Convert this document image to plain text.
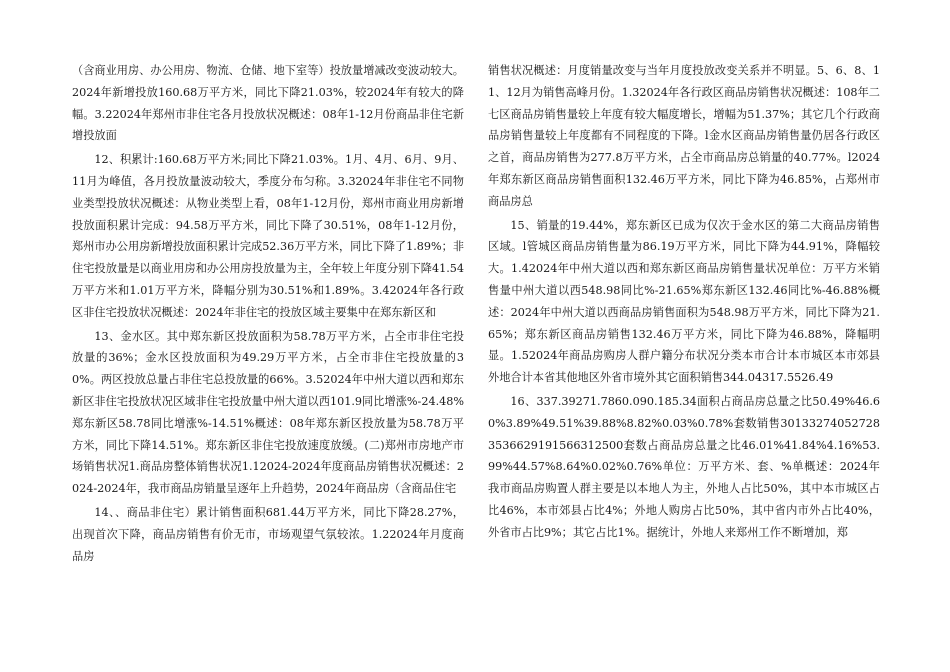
（含商业用房、办公用房、物流、仓储、地下室等）投放量增减改变波动较大。2024年新增投放160.68万平方米，同比下降21.03%，较2024年有较大的降幅。3.22024年郑州市非住宅各月投放状况概述：08年1-12月份商品非住宅新增投放面

12、积累计:160.68万平方米;同比下降21.03%。1月、4月、6月、9月、11月为峰值，各月投放量波动较大，季度分布匀称。3.32024年非住宅不同物业类型投放状况概述：从物业类型上看，08年1-12月份，郑州市商业用房新增投放面积累计完成：94.58万平方米，同比下降了30.51%，08年1-12月份，郑州市办公用房新增投放面积累计完成52.36万平方米，同比下降了1.89%；非住宅投放量是以商业用房和办公用房投放量为主，全年较上年度分别下降41.54万平方米和1.01万平方米，降幅分别为30.51%和1.89%。3.42024年各行政区非住宅投放状况概述：2024年非住宅的投放区域主要集中在郑东新区和

13、金水区。其中郑东新区投放面积为58.78万平方米，占全市非住宅投放量的36%；金水区投放面积为49.29万平方米，占全市非住宅投放量的30%。两区投放总量占非住宅总投放量的66%。3.52024年中州大道以西和郑东新区非住宅投放状况区域非住宅投放量中州大道以西101.9同比增涨%-24.48%郑东新区58.78同比增涨%-14.51%概述：08年郑东新区投放量为58.78万平方米，同比下降14.51%。郑东新区非住宅投放速度放缓。(二)郑州市房地产市场销售状况1.商品房整体销售状况1.12024-2024年度商品房销售状况概述：2024-2024年，我市商品房销量呈逐年上升趋势，2024年商品房（含商品住宅

14、、商品非住宅）累计销售面积681.44万平方米，同比下降28.27%，出现首次下降，商品房销售有价无市，市场观望气氛较浓。1.22024年月度商品房

销售状况概述：月度销量改变与当年月度投放改变关系并不明显。5、6、8、11、12月为销售高峰月份。1.32024年各行政区商品房销售状况概述：108年二七区商品房销售量较上年度有较大幅度增长，增幅为51.37%；其它几个行政商品房销售量较上年度都有不同程度的下降。l金水区商品房销售量仍居各行政区之首，商品房销售为277.8万平方米，占全市商品房总销量的40.77%。l2024年郑东新区商品房销售面积132.46万平方米，同比下降为46.85%，占郑州市商品房总

15、销量的19.44%，郑东新区已成为仅次于金水区的第二大商品房销售区域。l管城区商品房销售量为86.19万平方米，同比下降为44.91%，降幅较大。1.42024年中州大道以西和郑东新区商品房销售量状况单位：万平方米销售量中州大道以西548.98同比%-21.65%郑东新区132.46同比%-46.88%概述：2024年中州大道以西商品房销售面积为548.98万平方米，同比下降为21.65%；郑东新区商品房销售132.46万平方米，同比下降为46.88%，降幅明显。1.52024年商品房购房人群户籍分布状况分类本市合计本市城区本市郊县外地合计本省其他地区外省市境外其它面积销售344.04317.5526.49

16、337.39271.7860.090.185.34面积占商品房总量之比50.49%46.60%3.89%49.51%39.88%8.82%0.03%0.78%套数销售301332740527283536629191566312500套数占商品房总量之比46.01%41.84%4.16%53.99%44.57%8.64%0.02%0.76%单位：万平方米、套、%单概述：2024年我市商品房购置人群主要是以本地人为主，外地人占比50%，其中本市城区占比46%，本市郊县占比4%；外地人购房占比50%，其中省内市外占比40%，外省市占比9%；其它占比1%。据统计，外地人来郑州工作不断增加，郑
